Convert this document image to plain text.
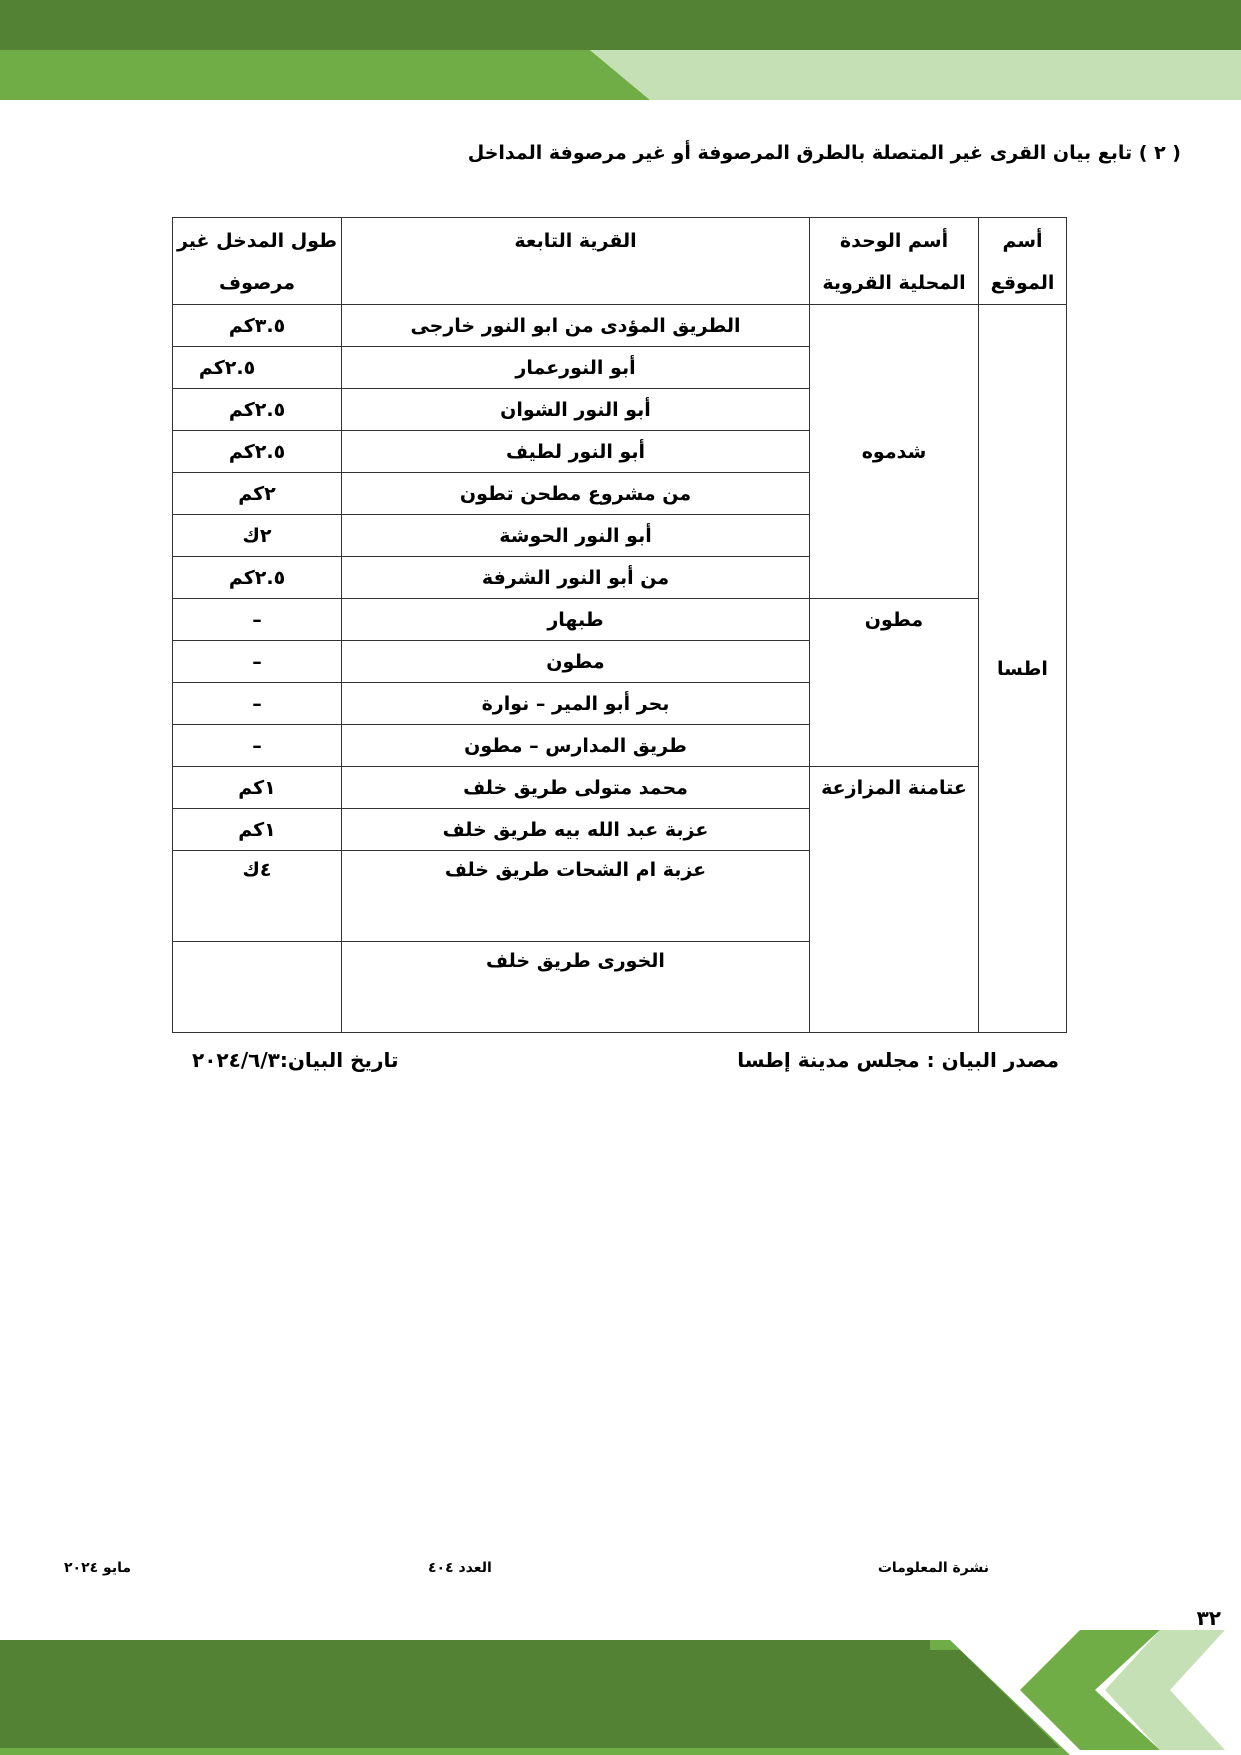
( ٢ ) تابع بيان القرى غير المتصلة بالطرق المرصوفة أو غير مرصوفة المداخل
أسم الموقع	أسم الوحدة المحلية القروية	القرية التابعة	طول المدخل غير مرصوف
اطسا	شدموه	الطريق المؤدى من ابو النور خارجى	٣.٥كم
		أبو النورعمار	٢.٥كم
		أبو النور الشوان	٢.٥كم
		أبو النور لطيف	٢.٥كم
		من مشروع مطحن تطون	٢كم
		أبو النور الحوشة	٢ك
		من أبو النور الشرفة	٢.٥كم
	مطون	طبهار	–
		مطون	–
		بحر أبو المير – نوارة	–
		طريق المدارس – مطون	–
	عتامنة المزازعة	محمد متولى طريق خلف	١كم
		عزبة عبد الله بيه طريق خلف	١كم
		عزبة ام الشحات طريق خلف	٤ك
		الخورى طريق خلف	
مصدر البيان : مجلس مدينة إطسا
تاريخ البيان:٢٠٢٤/٦/٣
نشرة المعلومات
العدد ٤٠٤
مايو ٢٠٢٤
٣٢
